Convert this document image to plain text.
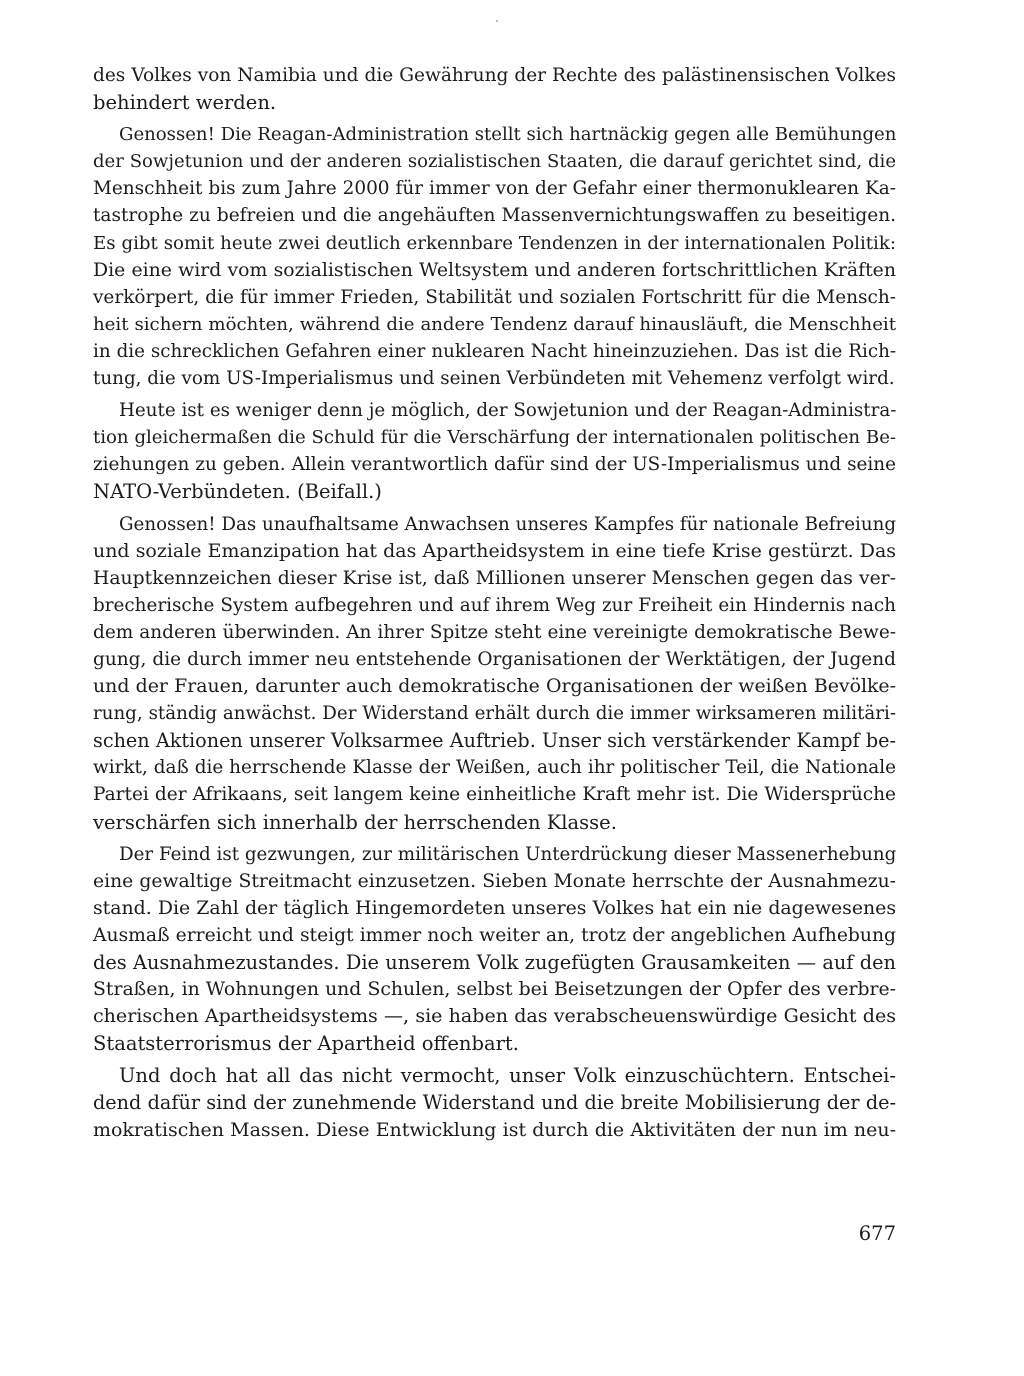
des Volkes von Namibia und die Gewährung der Rechte des palästinensischen Volkes
behindert werden.
Genossen! Die Reagan-Administration stellt sich hartnäckig gegen alle Bemühungen
der Sowjetunion und der anderen sozialistischen Staaten, die darauf gerichtet sind, die
Menschheit bis zum Jahre 2000 für immer von der Gefahr einer thermonuklearen Ka-
tastrophe zu befreien und die angehäuften Massenvernichtungswaffen zu beseitigen.
Es gibt somit heute zwei deutlich erkennbare Tendenzen in der internationalen Politik:
Die eine wird vom sozialistischen Weltsystem und anderen fortschrittlichen Kräften
verkörpert, die für immer Frieden, Stabilität und sozialen Fortschritt für die Mensch-
heit sichern möchten, während die andere Tendenz darauf hinausläuft, die Menschheit
in die schrecklichen Gefahren einer nuklearen Nacht hineinzuziehen. Das ist die Rich-
tung, die vom US-Imperialismus und seinen Verbündeten mit Vehemenz verfolgt wird.
Heute ist es weniger denn je möglich, der Sowjetunion und der Reagan-Administra-
tion gleichermaßen die Schuld für die Verschärfung der internationalen politischen Be-
ziehungen zu geben. Allein verantwortlich dafür sind der US-Imperialismus und seine
NATO-Verbündeten. (Beifall.)
Genossen! Das unaufhaltsame Anwachsen unseres Kampfes für nationale Befreiung
und soziale Emanzipation hat das Apartheidsystem in eine tiefe Krise gestürzt. Das
Hauptkennzeichen dieser Krise ist, daß Millionen unserer Menschen gegen das ver-
brecherische System aufbegehren und auf ihrem Weg zur Freiheit ein Hindernis nach
dem anderen überwinden. An ihrer Spitze steht eine vereinigte demokratische Bewe-
gung, die durch immer neu entstehende Organisationen der Werktätigen, der Jugend
und der Frauen, darunter auch demokratische Organisationen der weißen Bevölke-
rung, ständig anwächst. Der Widerstand erhält durch die immer wirksameren militäri-
schen Aktionen unserer Volksarmee Auftrieb. Unser sich verstärkender Kampf be-
wirkt, daß die herrschende Klasse der Weißen, auch ihr politischer Teil, die Nationale
Partei der Afrikaans, seit langem keine einheitliche Kraft mehr ist. Die Widersprüche
verschärfen sich innerhalb der herrschenden Klasse.
Der Feind ist gezwungen, zur militärischen Unterdrückung dieser Massenerhebung
eine gewaltige Streitmacht einzusetzen. Sieben Monate herrschte der Ausnahmezu-
stand. Die Zahl der täglich Hingemordeten unseres Volkes hat ein nie dagewesenes
Ausmaß erreicht und steigt immer noch weiter an, trotz der angeblichen Aufhebung
des Ausnahmezustandes. Die unserem Volk zugefügten Grausamkeiten — auf den
Straßen, in Wohnungen und Schulen, selbst bei Beisetzungen der Opfer des verbre-
cherischen Apartheidsystems —, sie haben das verabscheuenswürdige Gesicht des
Staatsterrorismus der Apartheid offenbart.
Und doch hat all das nicht vermocht, unser Volk einzuschüchtern. Entschei-
dend dafür sind der zunehmende Widerstand und die breite Mobilisierung der de-
mokratischen Massen. Diese Entwicklung ist durch die Aktivitäten der nun im neu-
677
